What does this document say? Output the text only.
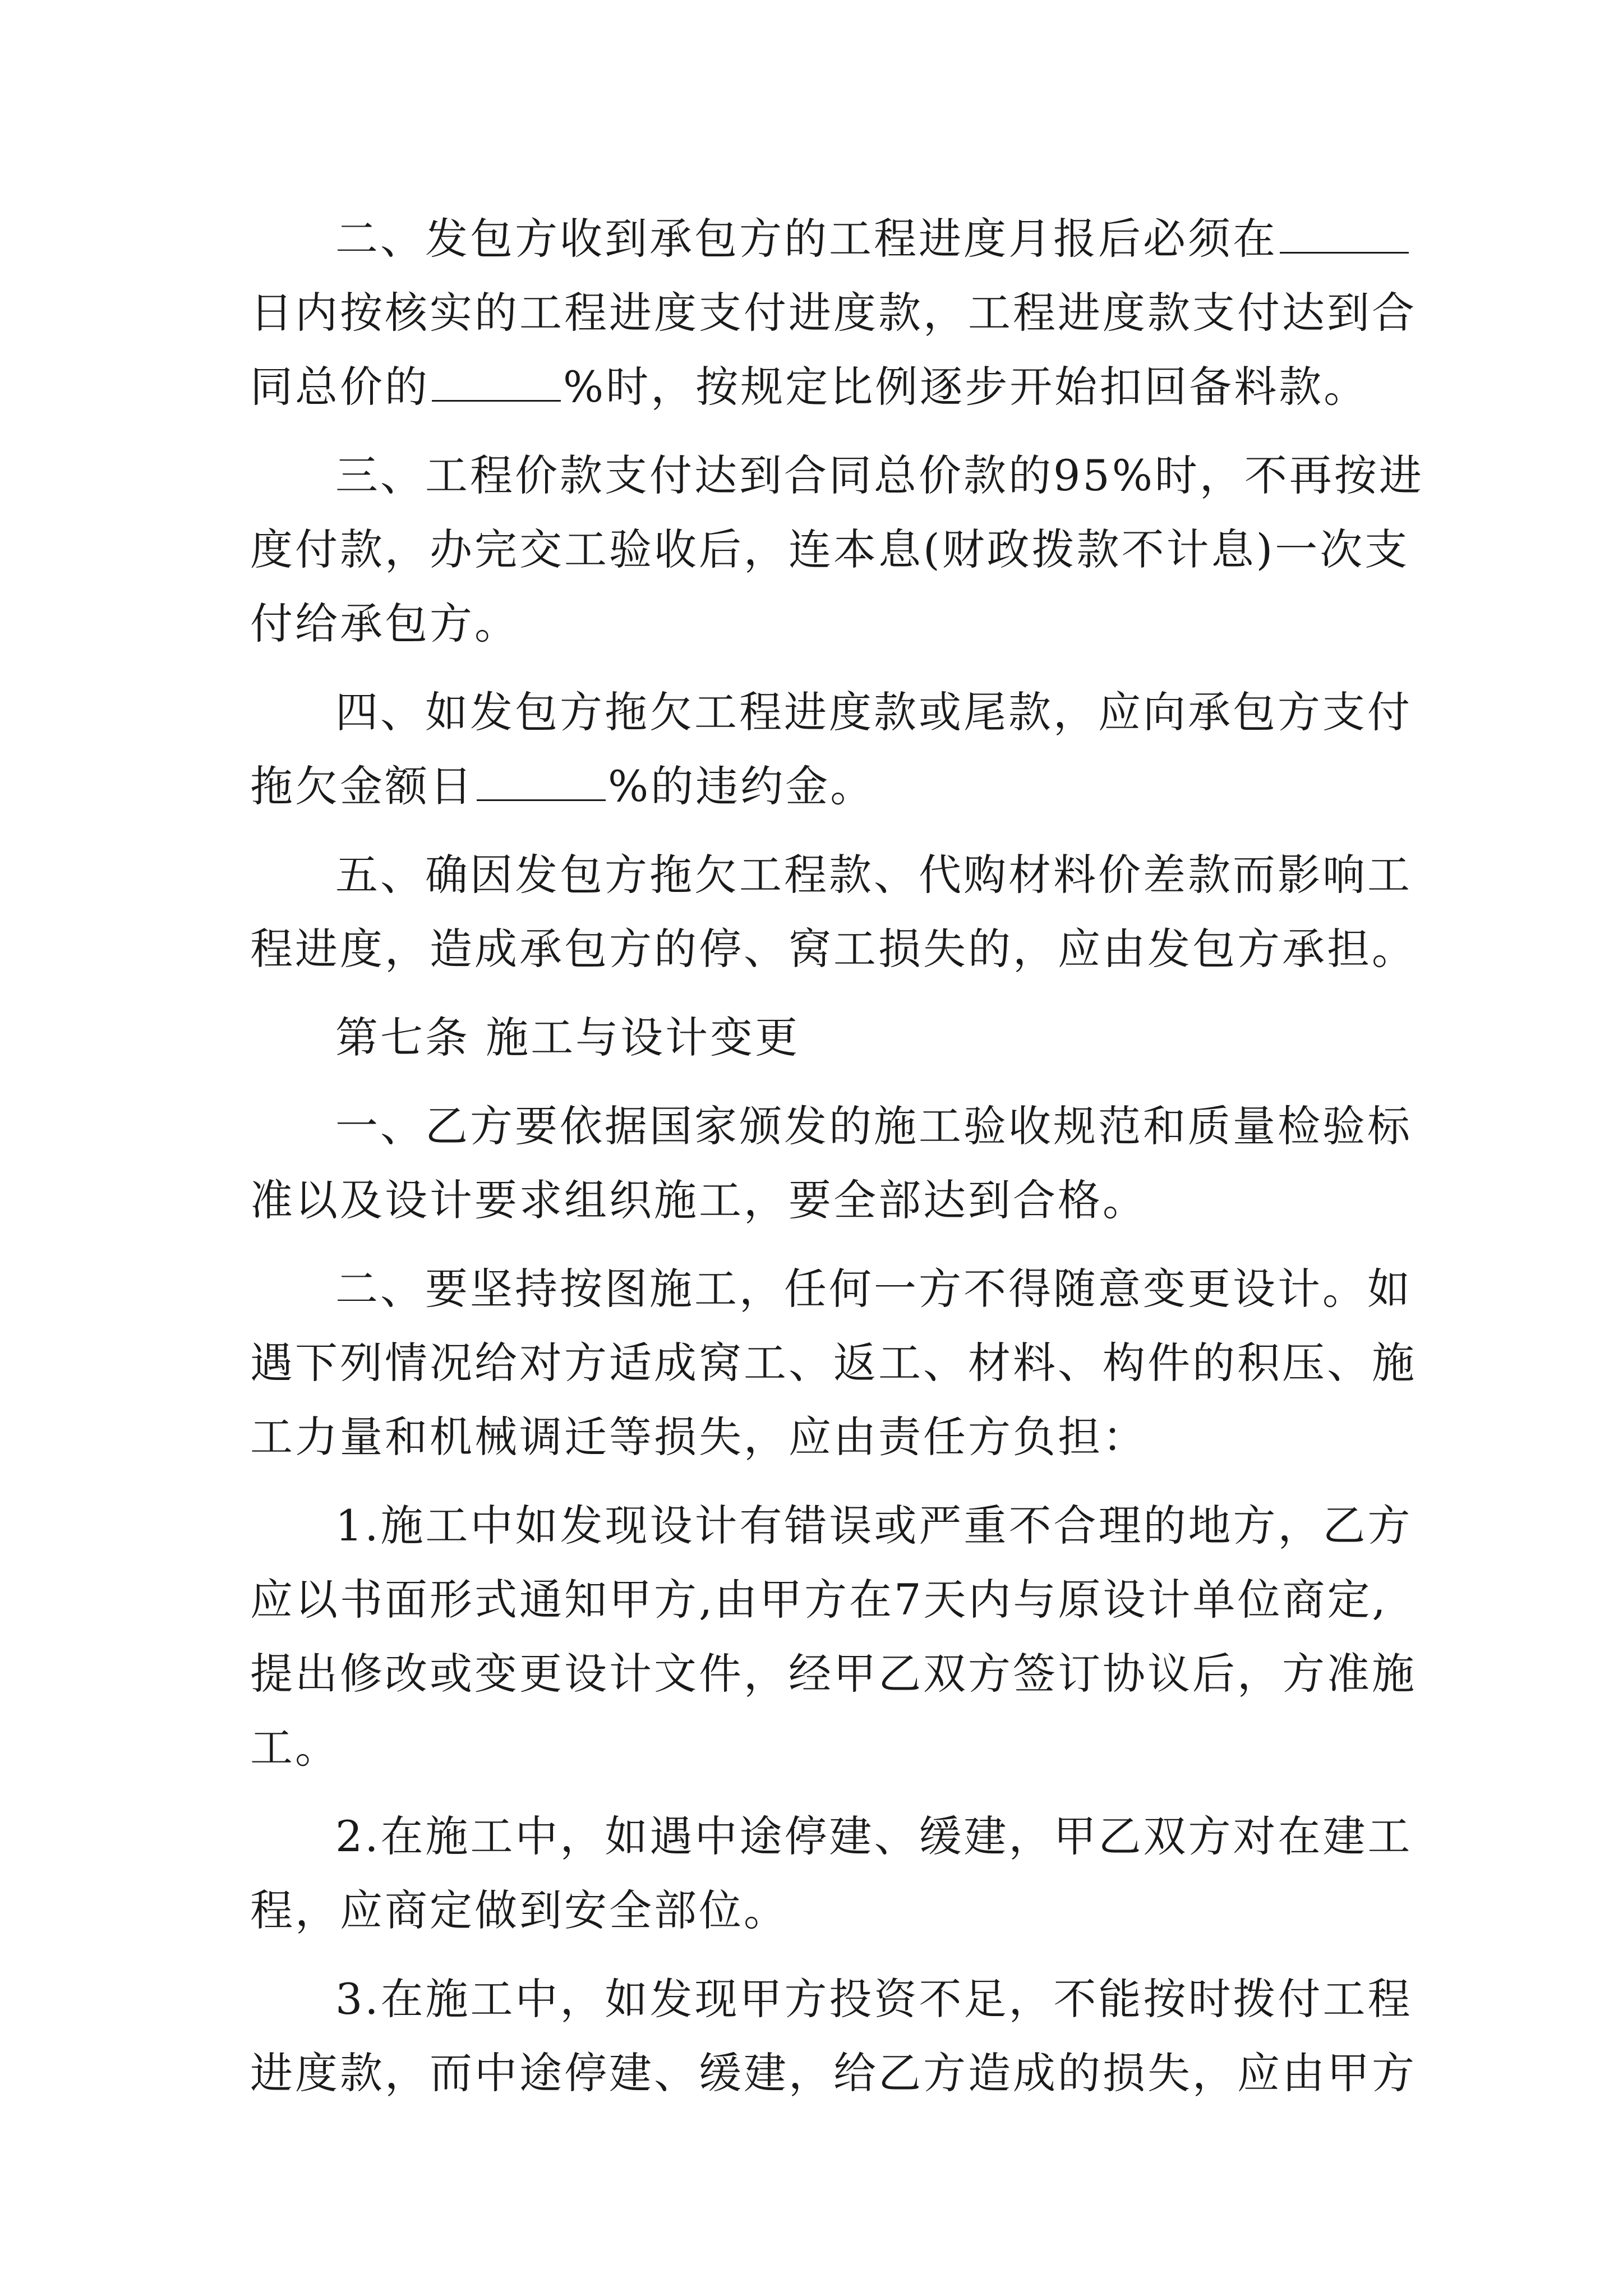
二、发包方收到承包方的工程进度月报后必须在
日内按核实的工程进度支付进度款，工程进度款支付达到合
同总价的	%时，按规定比例逐步开始扣回备料款。
三、工程价款支付达到合同总价款的95%时，不再按进
度付款，办完交工验收后，连本息(财政拨款不计息)一次支
付给承包方。
四、如发包方拖欠工程进度款或尾款，应向承包方支付
拖欠金额日	%的违约金。
五、确因发包方拖欠工程款、代购材料价差款而影响工
程进度，造成承包方的停、窝工损失的，应由发包方承担。
第七条 施工与设计变更
一、乙方要依据国家颁发的施工验收规范和质量检验标
准以及设计要求组织施工，要全部达到合格。
二、要坚持按图施工，任何一方不得随意变更设计。如
遇下列情况给对方适成窝工、返工、材料、构件的积压、施
工力量和机械调迁等损失，应由责任方负担：
1.施工中如发现设计有错误或严重不合理的地方，乙方
应以书面形式通知甲方,由甲方在7天内与原设计单位商定,
提出修改或变更设计文件，经甲乙双方签订协议后，方准施
工。
2.在施工中，如遇中途停建、缓建，甲乙双方对在建工
程，应商定做到安全部位。
3.在施工中，如发现甲方投资不足，不能按时拨付工程
进度款，而中途停建、缓建，给乙方造成的损失，应由甲方
